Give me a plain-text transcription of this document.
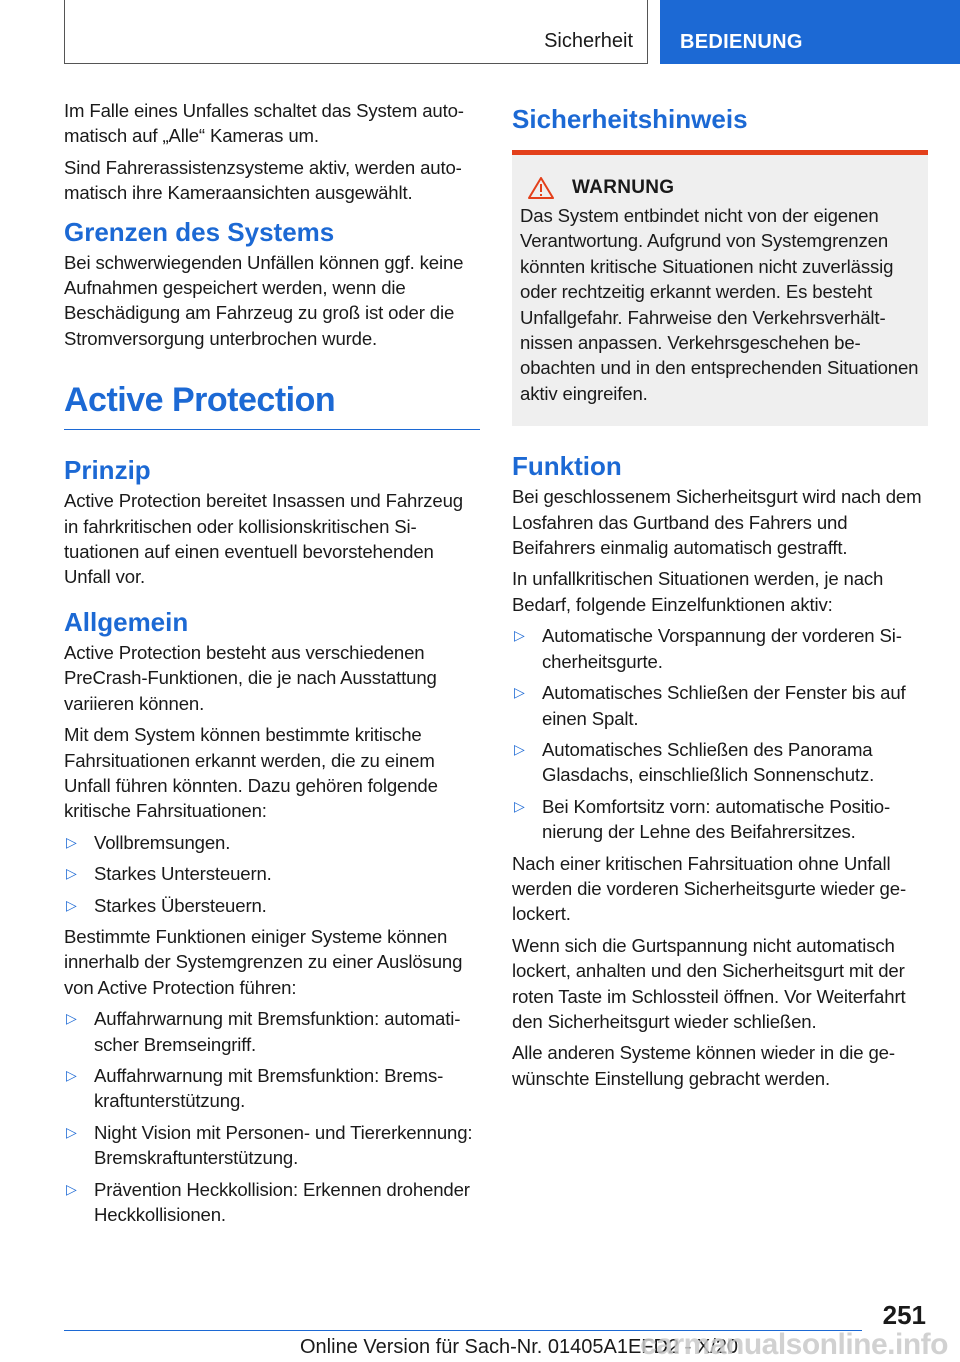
Sicherheit BEDIENUNG

Im Falle eines Unfalles schaltet das System automatisch auf „Alle“ Kameras um.

Sind Fahrerassistenzsysteme aktiv, werden automatisch ihre Kameraansichten ausgewählt.

Grenzen des Systems

Bei schwerwiegenden Unfällen können ggf. keine Aufnahmen gespeichert werden, wenn die Beschädigung am Fahrzeug zu groß ist oder die Stromversorgung unterbrochen wurde.

Active Protection
Prinzip

Active Protection bereitet Insassen und Fahrzeug in fahrkritischen oder kollisionskritischen Situationen auf einen eventuell bevorstehenden Unfall vor.

Allgemein

Active Protection besteht aus verschiedenen PreCrash-Funktionen, die je nach Ausstattung variieren können.

Mit dem System können bestimmte kritische Fahrsituationen erkannt werden, die zu einem Unfall führen könnten. Dazu gehören folgende kritische Fahrsituationen:

▷ Vollbremsungen.
▷ Starkes Untersteuern.
▷ Starkes Übersteuern.

Bestimmte Funktionen einiger Systeme können innerhalb der Systemgrenzen zu einer Auslösung von Active Protection führen:

▷ Auffahrwarnung mit Bremsfunktion: automatischer Bremseingriff.
▷ Auffahrwarnung mit Bremsfunktion: Bremskraftunterstützung.
▷ Night Vision mit Personen- und Tiererkennung: Bremskraftunterstützung.
▷ Prävention Heckkollision: Erkennen drohender Heckkollisionen.
Sicherheitshinweis
WARNUNG

Das System entbindet nicht von der eigenen Verantwortung. Aufgrund von Systemgrenzen könnten kritische Situationen nicht zuverlässig oder rechtzeitig erkannt werden. Es besteht Unfallgefahr. Fahrweise den Verkehrsverhältnissen anpassen. Verkehrsgeschehen beobachten und in den entsprechenden Situationen aktiv eingreifen.

Funktion

Bei geschlossenem Sicherheitsgurt wird nach dem Losfahren das Gurtband des Fahrers und Beifahrers einmalig automatisch gestrafft.

In unfallkritischen Situationen werden, je nach Bedarf, folgende Einzelfunktionen aktiv:

▷ Automatische Vorspannung der vorderen Sicherheitsgurte.
▷ Automatisches Schließen der Fenster bis auf einen Spalt.
▷ Automatisches Schließen des Panorama Glasdachs, einschließlich Sonnenschutz.
▷ Bei Komfortsitz vorn: automatische Positionierung der Lehne des Beifahrersitzes.

Nach einer kritischen Fahrsituation ohne Unfall werden die vorderen Sicherheitsgurte wieder gelockert.

Wenn sich die Gurtspannung nicht automatisch lockert, anhalten und den Sicherheitsgurt mit der roten Taste im Schlossteil öffnen. Vor Weiterfahrt den Sicherheitsgurt wieder schließen.

Alle anderen Systeme können wieder in die gewünschte Einstellung gebracht werden.

251
Online Version für Sach-Nr. 01405A1EFD2 - X/20
carmanualsonline.info
